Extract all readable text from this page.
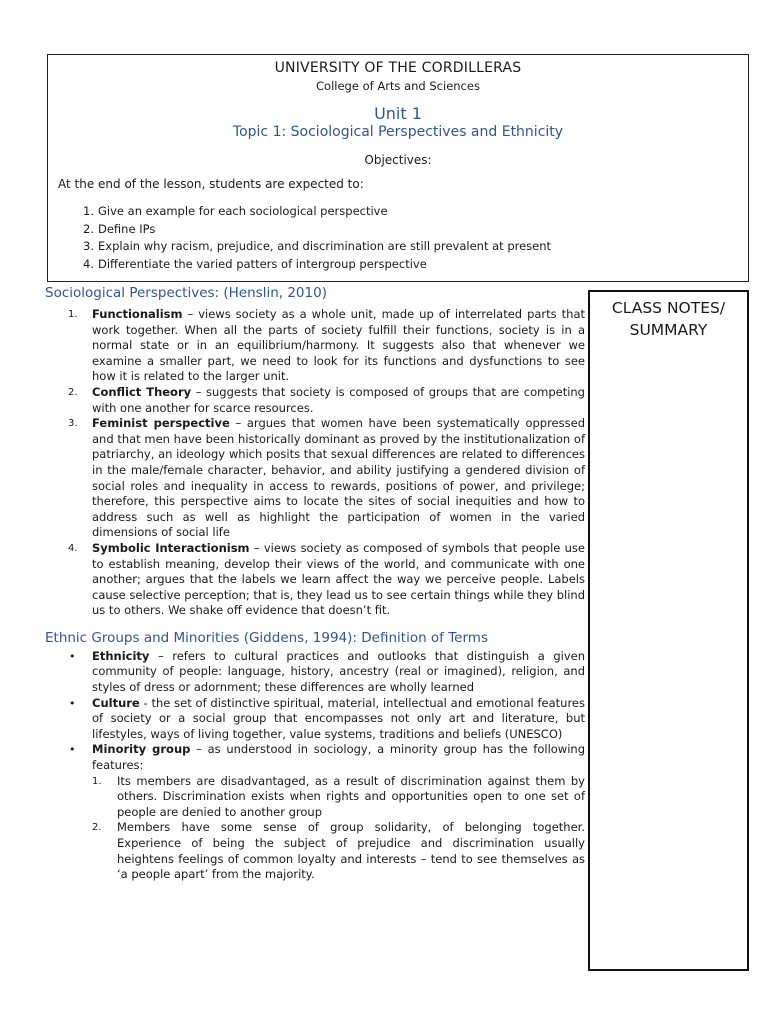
UNIVERSITY OF THE CORDILLERAS
College of Arts and Sciences
Unit 1
Topic 1: Sociological Perspectives and Ethnicity
Objectives:
At the end of the lesson, students are expected to:
1. Give an example for each sociological perspective
2. Define IPs
3. Explain why racism, prejudice, and discrimination are still prevalent at present
4. Differentiate the varied patters of intergroup perspective
CLASS NOTES/
SUMMARY
Sociological Perspectives: (Henslin, 2010)
1. Functionalism – views society as a whole unit, made up of interrelated parts that work together. When all the parts of society fulfill their functions, society is in a normal state or in an equilibrium/harmony. It suggests also that whenever we examine a smaller part, we need to look for its functions and dysfunctions to see how it is related to the larger unit.
2. Conflict Theory – suggests that society is composed of groups that are competing with one another for scarce resources.
3. Feminist perspective – argues that women have been systematically oppressed and that men have been historically dominant as proved by the institutionalization of patriarchy, an ideology which posits that sexual differences are related to differences in the male/female character, behavior, and ability justifying a gendered division of social roles and inequality in access to rewards, positions of power, and privilege; therefore, this perspective aims to locate the sites of social inequities and how to address such as well as highlight the participation of women in the varied dimensions of social life
4. Symbolic Interactionism – views society as composed of symbols that people use to establish meaning, develop their views of the world, and communicate with one another; argues that the labels we learn affect the way we perceive people. Labels cause selective perception; that is, they lead us to see certain things while they blind us to others. We shake off evidence that doesn’t fit.
Ethnic Groups and Minorities (Giddens, 1994): Definition of Terms
• Ethnicity – refers to cultural practices and outlooks that distinguish a given community of people: language, history, ancestry (real or imagined), religion, and styles of dress or adornment; these differences are wholly learned
• Culture - the set of distinctive spiritual, material, intellectual and emotional features of society or a social group that encompasses not only art and literature, but lifestyles, ways of living together, value systems, traditions and beliefs (UNESCO)
• Minority group – as understood in sociology, a minority group has the following features:
1. Its members are disadvantaged, as a result of discrimination against them by others. Discrimination exists when rights and opportunities open to one set of people are denied to another group
2. Members have some sense of group solidarity, of belonging together. Experience of being the subject of prejudice and discrimination usually heightens feelings of common loyalty and interests – tend to see themselves as ‘a people apart’ from the majority.
